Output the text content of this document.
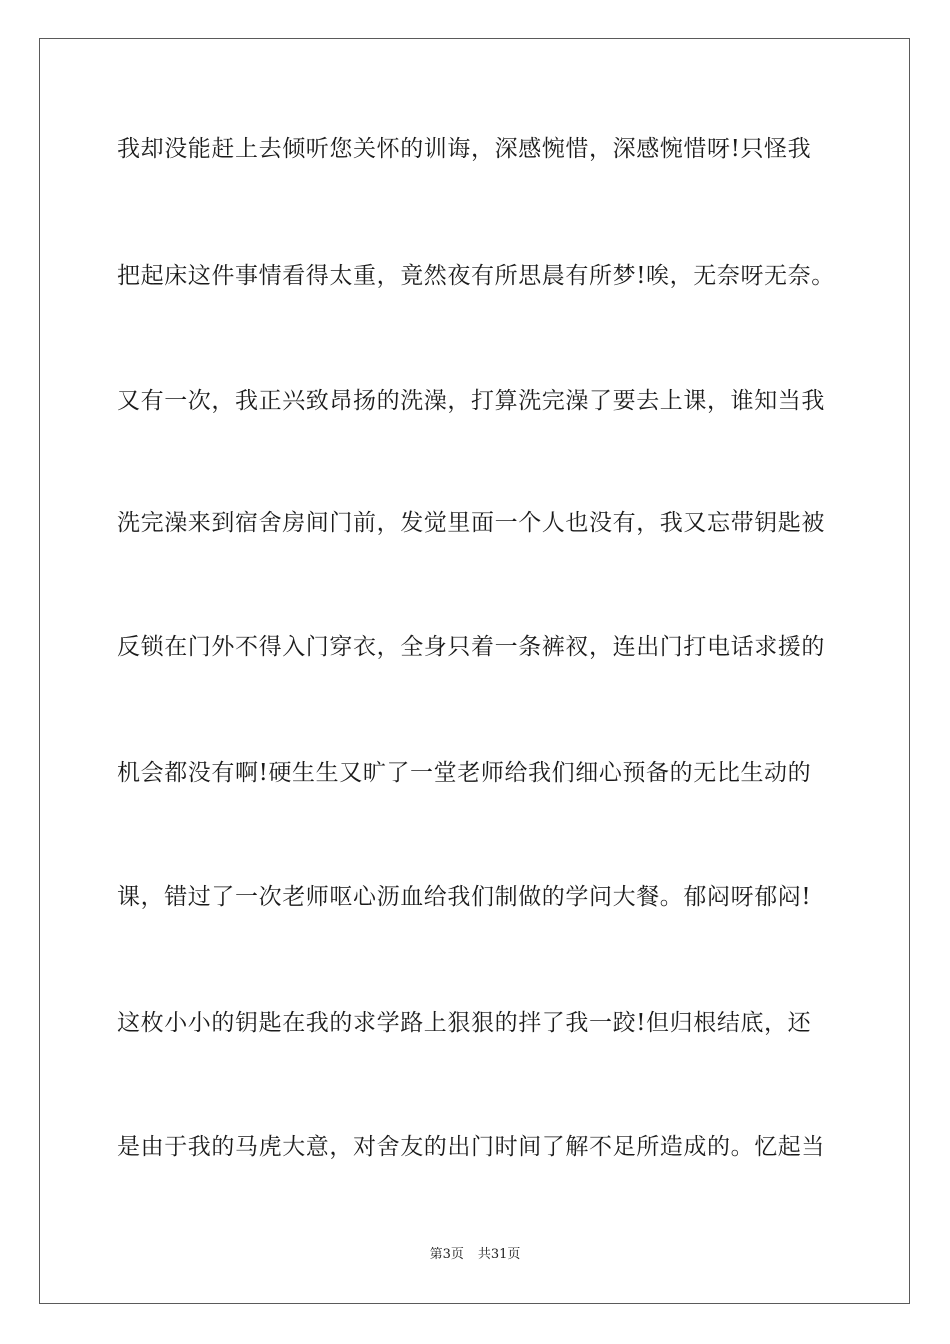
我却没能赶上去倾听您关怀的训诲，深感惋惜，深感惋惜呀!只怪我
把起床这件事情看得太重，竟然夜有所思晨有所梦!唉，无奈呀无奈。
又有一次，我正兴致昂扬的洗澡，打算洗完澡了要去上课，谁知当我
洗完澡来到宿舍房间门前，发觉里面一个人也没有，我又忘带钥匙被
反锁在门外不得入门穿衣，全身只着一条裤衩，连出门打电话求援的
机会都没有啊!硬生生又旷了一堂老师给我们细心预备的无比生动的
课，错过了一次老师呕心沥血给我们制做的学问大餐。郁闷呀郁闷!
这枚小小的钥匙在我的求学路上狠狠的拌了我一跤!但归根结底，还
是由于我的马虎大意，对舍友的出门时间了解不足所造成的。忆起当
第3页 共31页
